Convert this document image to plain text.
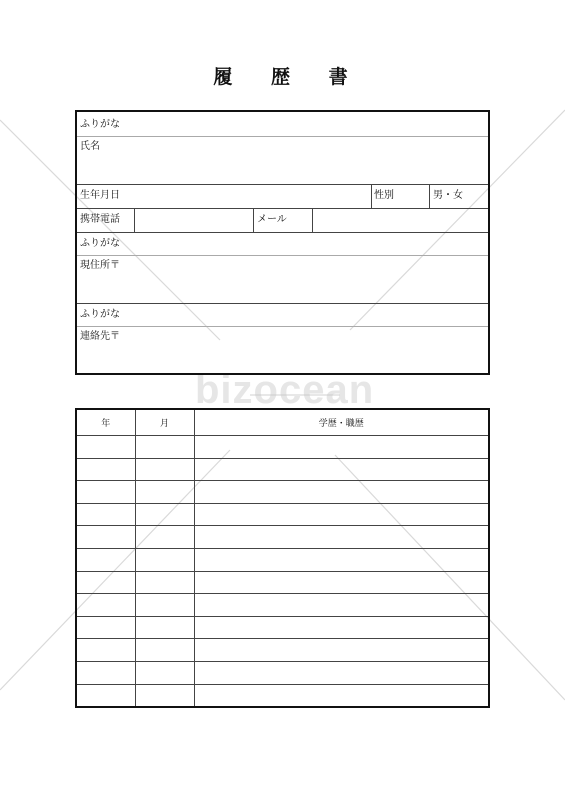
bizocean
履 歴 書
ふりがな
氏名
生年月日	性別	男・女
携帯電話	メール
ふりがな
現住所〒
ふりがな
連絡先〒
年	月	学歴・職歴
